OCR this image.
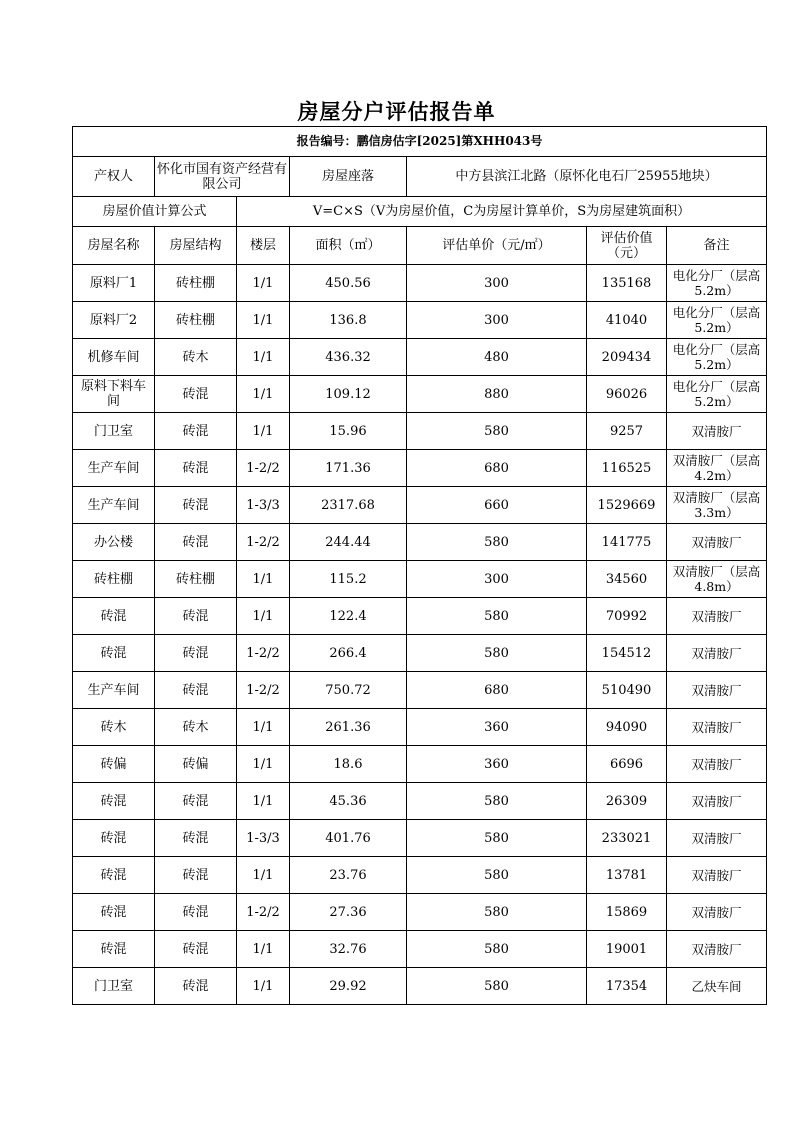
房屋分户评估报告单
报告编号：鹏信房估字[2025]第XHH043号						
产权人	怀化市国有资产经营有限公司		房屋座落	中方县滨江北路（原怀化电石厂25955地块）		
房屋价值计算公式		V=C×S（V为房屋价值，C为房屋计算单价，S为房屋建筑面积）				
房屋名称	房屋结构	楼层	面积（㎡）	评估单价（元/㎡）	评估价值（元）	备注
原料厂1	砖柱棚	1/1	450.56	300	135168	电化分厂（层高5.2m）
原料厂2	砖柱棚	1/1	136.8	300	41040	电化分厂（层高5.2m）
机修车间	砖木	1/1	436.32	480	209434	电化分厂（层高5.2m）
原料下料车间	砖混	1/1	109.12	880	96026	电化分厂（层高5.2m）
门卫室	砖混	1/1	15.96	580	9257	双清胺厂
生产车间	砖混	1-2/2	171.36	680	116525	双清胺厂（层高4.2m）
生产车间	砖混	1-3/3	2317.68	660	1529669	双清胺厂（层高3.3m）
办公楼	砖混	1-2/2	244.44	580	141775	双清胺厂
砖柱棚	砖柱棚	1/1	115.2	300	34560	双清胺厂（层高4.8m）
砖混	砖混	1/1	122.4	580	70992	双清胺厂
砖混	砖混	1-2/2	266.4	580	154512	双清胺厂
生产车间	砖混	1-2/2	750.72	680	510490	双清胺厂
砖木	砖木	1/1	261.36	360	94090	双清胺厂
砖偏	砖偏	1/1	18.6	360	6696	双清胺厂
砖混	砖混	1/1	45.36	580	26309	双清胺厂
砖混	砖混	1-3/3	401.76	580	233021	双清胺厂
砖混	砖混	1/1	23.76	580	13781	双清胺厂
砖混	砖混	1-2/2	27.36	580	15869	双清胺厂
砖混	砖混	1/1	32.76	580	19001	双清胺厂
门卫室	砖混	1/1	29.92	580	17354	乙炔车间
